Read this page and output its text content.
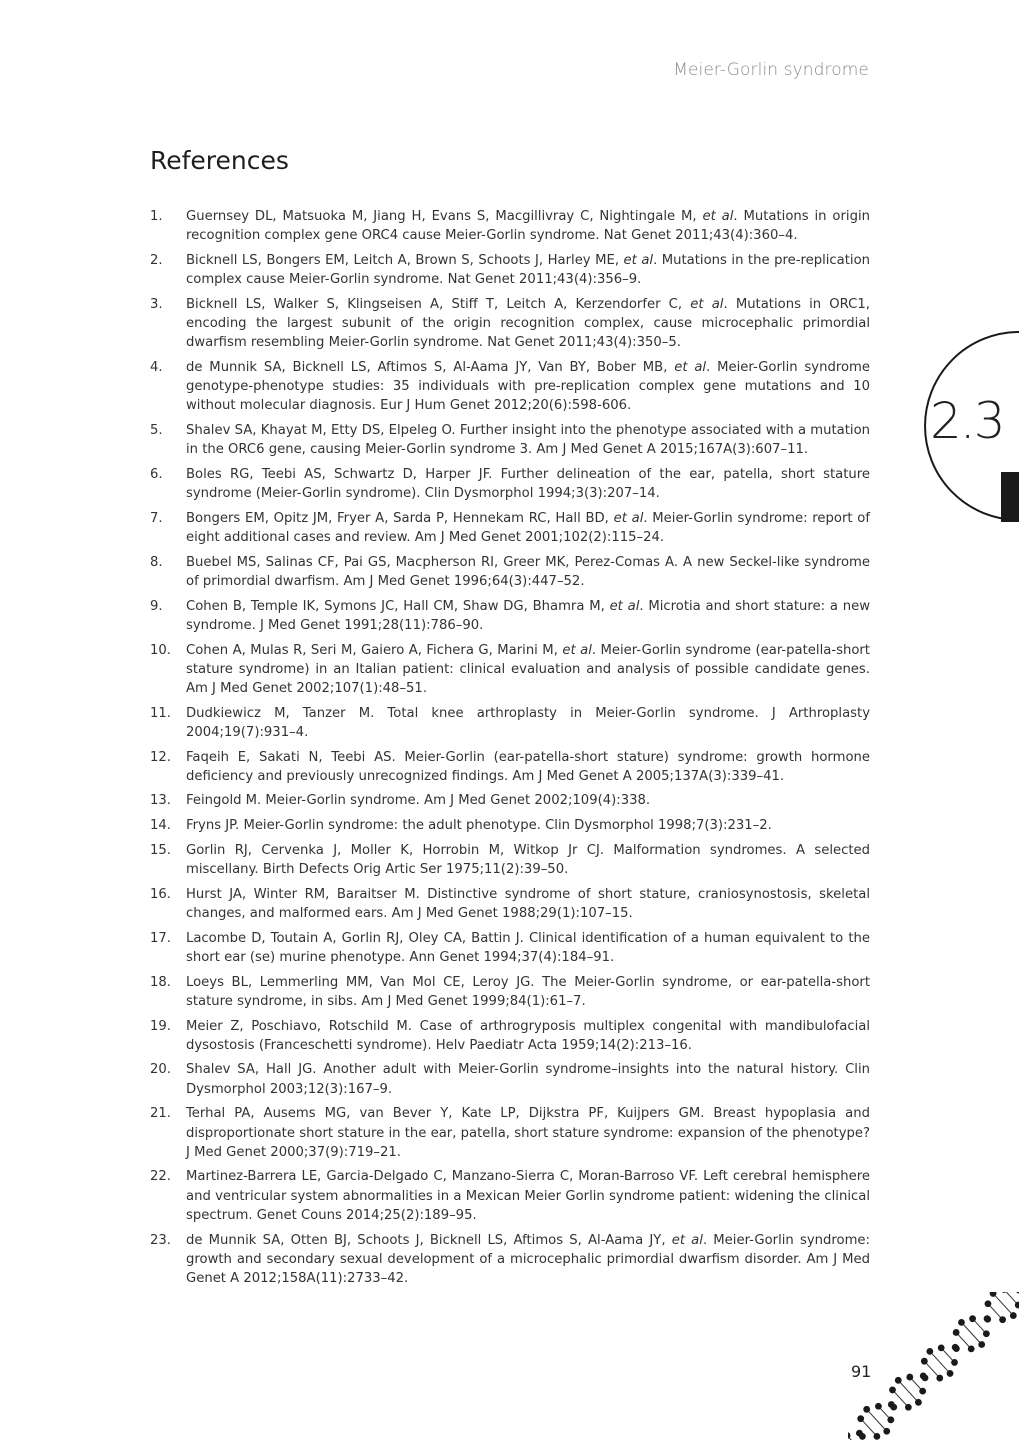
Meier-Gorlin syndrome
References
1.	Guernsey DL, Matsuoka M, Jiang H, Evans S, Macgillivray C, Nightingale M, et al. Mutations in origin recognition complex gene ORC4 cause Meier-Gorlin syndrome. Nat Genet 2011;43(4):360–4.
2.	Bicknell LS, Bongers EM, Leitch A, Brown S, Schoots J, Harley ME, et al. Mutations in the pre-replication complex cause Meier-Gorlin syndrome. Nat Genet 2011;43(4):356–9.
3.	Bicknell LS, Walker S, Klingseisen A, Stiff T, Leitch A, Kerzendorfer C, et al. Mutations in ORC1, encoding the largest subunit of the origin recognition complex, cause microcephalic primordial dwarfism resembling Meier-Gorlin syndrome. Nat Genet 2011;43(4):350–5.
4.	de Munnik SA, Bicknell LS, Aftimos S, Al-Aama JY, Van BY, Bober MB, et al. Meier-Gorlin syndrome genotype-phenotype studies: 35 individuals with pre-replication complex gene mutations and 10 without molecular diagnosis. Eur J Hum Genet 2012;20(6):598-606.
5.	Shalev SA, Khayat M, Etty DS, Elpeleg O. Further insight into the phenotype associated with a mutation in the ORC6 gene, causing Meier-Gorlin syndrome 3. Am J Med Genet A 2015;167A(3):607–11.
6.	Boles RG, Teebi AS, Schwartz D, Harper JF. Further delineation of the ear, patella, short stature syndrome (Meier-Gorlin syndrome). Clin Dysmorphol 1994;3(3):207–14.
7.	Bongers EM, Opitz JM, Fryer A, Sarda P, Hennekam RC, Hall BD, et al. Meier-Gorlin syndrome: report of eight additional cases and review. Am J Med Genet 2001;102(2):115–24.
8.	Buebel MS, Salinas CF, Pai GS, Macpherson RI, Greer MK, Perez-Comas A. A new Seckel-like syndrome of primordial dwarfism. Am J Med Genet 1996;64(3):447–52.
9.	Cohen B, Temple IK, Symons JC, Hall CM, Shaw DG, Bhamra M, et al. Microtia and short stature: a new syndrome. J Med Genet 1991;28(11):786–90.
10.	Cohen A, Mulas R, Seri M, Gaiero A, Fichera G, Marini M, et al. Meier-Gorlin syndrome (ear-patella-short stature syndrome) in an Italian patient: clinical evaluation and analysis of possible candidate genes. Am J Med Genet 2002;107(1):48–51.
11.	Dudkiewicz M, Tanzer M. Total knee arthroplasty in Meier-Gorlin syndrome. J Arthroplasty 2004;19(7):931–4.
12.	Faqeih E, Sakati N, Teebi AS. Meier-Gorlin (ear-patella-short stature) syndrome: growth hormone deficiency and previously unrecognized findings. Am J Med Genet A 2005;137A(3):339–41.
13.	Feingold M. Meier-Gorlin syndrome. Am J Med Genet 2002;109(4):338.
14.	Fryns JP. Meier-Gorlin syndrome: the adult phenotype. Clin Dysmorphol 1998;7(3):231–2.
15.	Gorlin RJ, Cervenka J, Moller K, Horrobin M, Witkop Jr CJ. Malformation syndromes. A selected miscellany. Birth Defects Orig Artic Ser 1975;11(2):39–50.
16.	Hurst JA, Winter RM, Baraitser M. Distinctive syndrome of short stature, craniosynostosis, skeletal changes, and malformed ears. Am J Med Genet 1988;29(1):107–15.
17.	Lacombe D, Toutain A, Gorlin RJ, Oley CA, Battin J. Clinical identification of a human equivalent to the short ear (se) murine phenotype. Ann Genet 1994;37(4):184–91.
18.	Loeys BL, Lemmerling MM, Van Mol CE, Leroy JG. The Meier-Gorlin syndrome, or ear-patella-short stature syndrome, in sibs. Am J Med Genet 1999;84(1):61–7.
19.	Meier Z, Poschiavo, Rotschild M. Case of arthrogryposis multiplex congenital with mandibulofacial dysostosis (Franceschetti syndrome). Helv Paediatr Acta 1959;14(2):213–16.
20.	Shalev SA, Hall JG. Another adult with Meier-Gorlin syndrome–insights into the natural history. Clin Dysmorphol 2003;12(3):167–9.
21.	Terhal PA, Ausems MG, van Bever Y, Kate LP, Dijkstra PF, Kuijpers GM. Breast hypoplasia and disproportionate short stature in the ear, patella, short stature syndrome: expansion of the phenotype? J Med Genet 2000;37(9):719–21.
22.	Martinez-Barrera LE, Garcia-Delgado C, Manzano-Sierra C, Moran-Barroso VF. Left cerebral hemisphere and ventricular system abnormalities in a Mexican Meier Gorlin syndrome patient: widening the clinical spectrum. Genet Couns 2014;25(2):189–95.
23.	de Munnik SA, Otten BJ, Schoots J, Bicknell LS, Aftimos S, Al-Aama JY, et al. Meier-Gorlin syndrome: growth and secondary sexual development of a microcephalic primordial dwarfism disorder. Am J Med Genet A 2012;158A(11):2733–42.
2.3
91
